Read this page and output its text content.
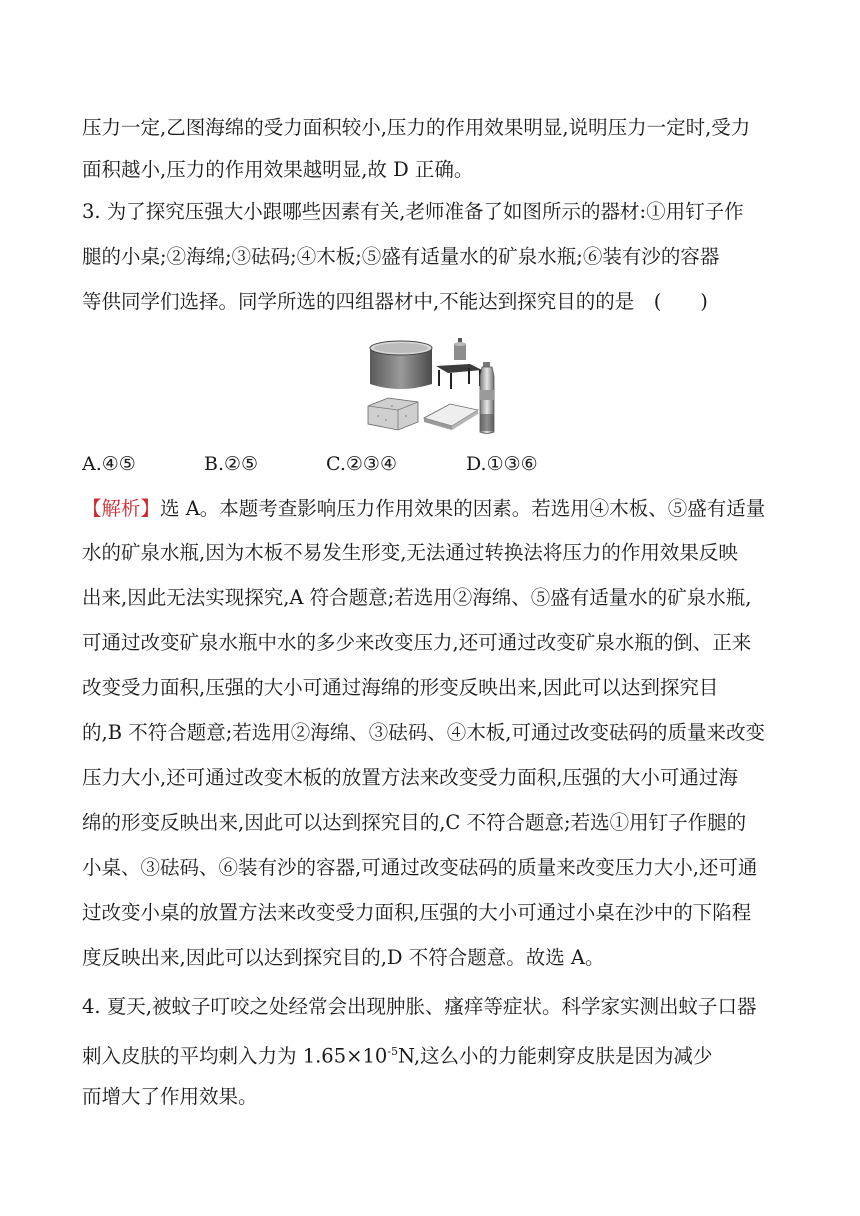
压力一定,乙图海绵的受力面积较小,压力的作用效果明显,说明压力一定时,受力
面积越小,压力的作用效果越明显,故 D 正确。
3. 为了探究压强大小跟哪些因素有关,老师准备了如图所示的器材:①用钉子作
腿的小桌;②海绵;③砝码;④木板;⑤盛有适量水的矿泉水瓶;⑥装有沙的容器
等供同学们选择。同学所选的四组器材中,不能达到探究目的的是　(　　)
A.④⑤	B.②⑤	C.②③④	D.①③⑥
【解析】选 A。本题考查影响压力作用效果的因素。若选用④木板、⑤盛有适量
水的矿泉水瓶,因为木板不易发生形变,无法通过转换法将压力的作用效果反映
出来,因此无法实现探究,A 符合题意;若选用②海绵、⑤盛有适量水的矿泉水瓶,
可通过改变矿泉水瓶中水的多少来改变压力,还可通过改变矿泉水瓶的倒、正来
改变受力面积,压强的大小可通过海绵的形变反映出来,因此可以达到探究目
的,B 不符合题意;若选用②海绵、③砝码、④木板,可通过改变砝码的质量来改变
压力大小,还可通过改变木板的放置方法来改变受力面积,压强的大小可通过海
绵的形变反映出来,因此可以达到探究目的,C 不符合题意;若选①用钉子作腿的
小桌、③砝码、⑥装有沙的容器,可通过改变砝码的质量来改变压力大小,还可通
过改变小桌的放置方法来改变受力面积,压强的大小可通过小桌在沙中的下陷程
度反映出来,因此可以达到探究目的,D 不符合题意。故选 A。
4. 夏天,被蚊子叮咬之处经常会出现肿胀、瘙痒等症状。科学家实测出蚊子口器
刺入皮肤的平均刺入力为 $1.65\times 10^{-5}N$,这么小的力能刺穿皮肤是因为减少
而增大了作用效果。
